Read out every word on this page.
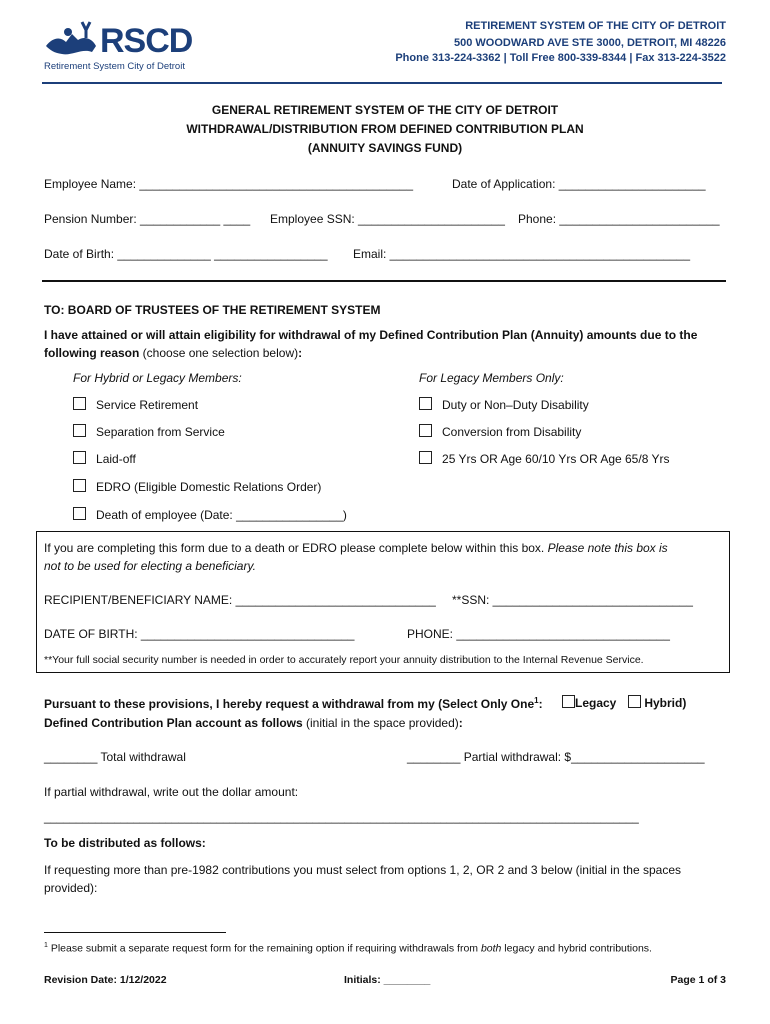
RSCD
Retirement System City of Detroit
RETIREMENT SYSTEM OF THE CITY OF DETROIT
500 WOODWARD AVE STE 3000, DETROIT, MI 48226
Phone 313-224-3362 | Toll Free 800-339-8344 | Fax 313-224-3522
GENERAL RETIREMENT SYSTEM OF THE CITY OF DETROIT
WITHDRAWAL/DISTRIBUTION FROM DEFINED CONTRIBUTION PLAN
(ANNUITY SAVINGS FUND)
Employee Name: _________________________________________	Date of Application: ______________________
Pension Number: ____________ ____ Employee SSN: ______________________ Phone: ________________________
Date of Birth: ______________ _________________ Email: _____________________________________________
TO: BOARD OF TRUSTEES OF THE RETIREMENT SYSTEM
I have attained or will attain eligibility for withdrawal of my Defined Contribution Plan (Annuity) amounts due to the
following reason (choose one selection below):
For Hybrid or Legacy Members:	For Legacy Members Only:
Service Retirement
Separation from Service
Laid-off
EDRO (Eligible Domestic Relations Order)
Death of employee (Date: ________________)
Duty or Non–Duty Disability
Conversion from Disability
25 Yrs OR Age 60/10 Yrs OR Age 65/8 Yrs
If you are completing this form due to a death or EDRO please complete below within this box. Please note this box is
not to be used for electing a beneficiary.
RECIPIENT/BENEFICIARY NAME: ______________________________ **SSN: ______________________________
DATE OF BIRTH: ________________________________	PHONE: ________________________________
**Your full social security number is needed in order to accurately report your annuity distribution to the Internal Revenue Service.
Pursuant to these provisions, I hereby request a withdrawal from my (Select Only One$^1$:	Legacy	Hybrid)
Defined Contribution Plan account as follows (initial in the space provided):
________ Total withdrawal	________ Partial withdrawal: $____________________
If partial withdrawal, write out the dollar amount:
_____________________________________________________________________________________________
To be distributed as follows:
If requesting more than pre-1982 contributions you must select from options 1, 2, OR 2 and 3 below (initial in the spaces
provided):
$^1$ Please submit a separate request form for the remaining option if requiring withdrawals from both legacy and hybrid contributions.
Revision Date: 1/12/2022	Initials: ________	Page 1 of 3
